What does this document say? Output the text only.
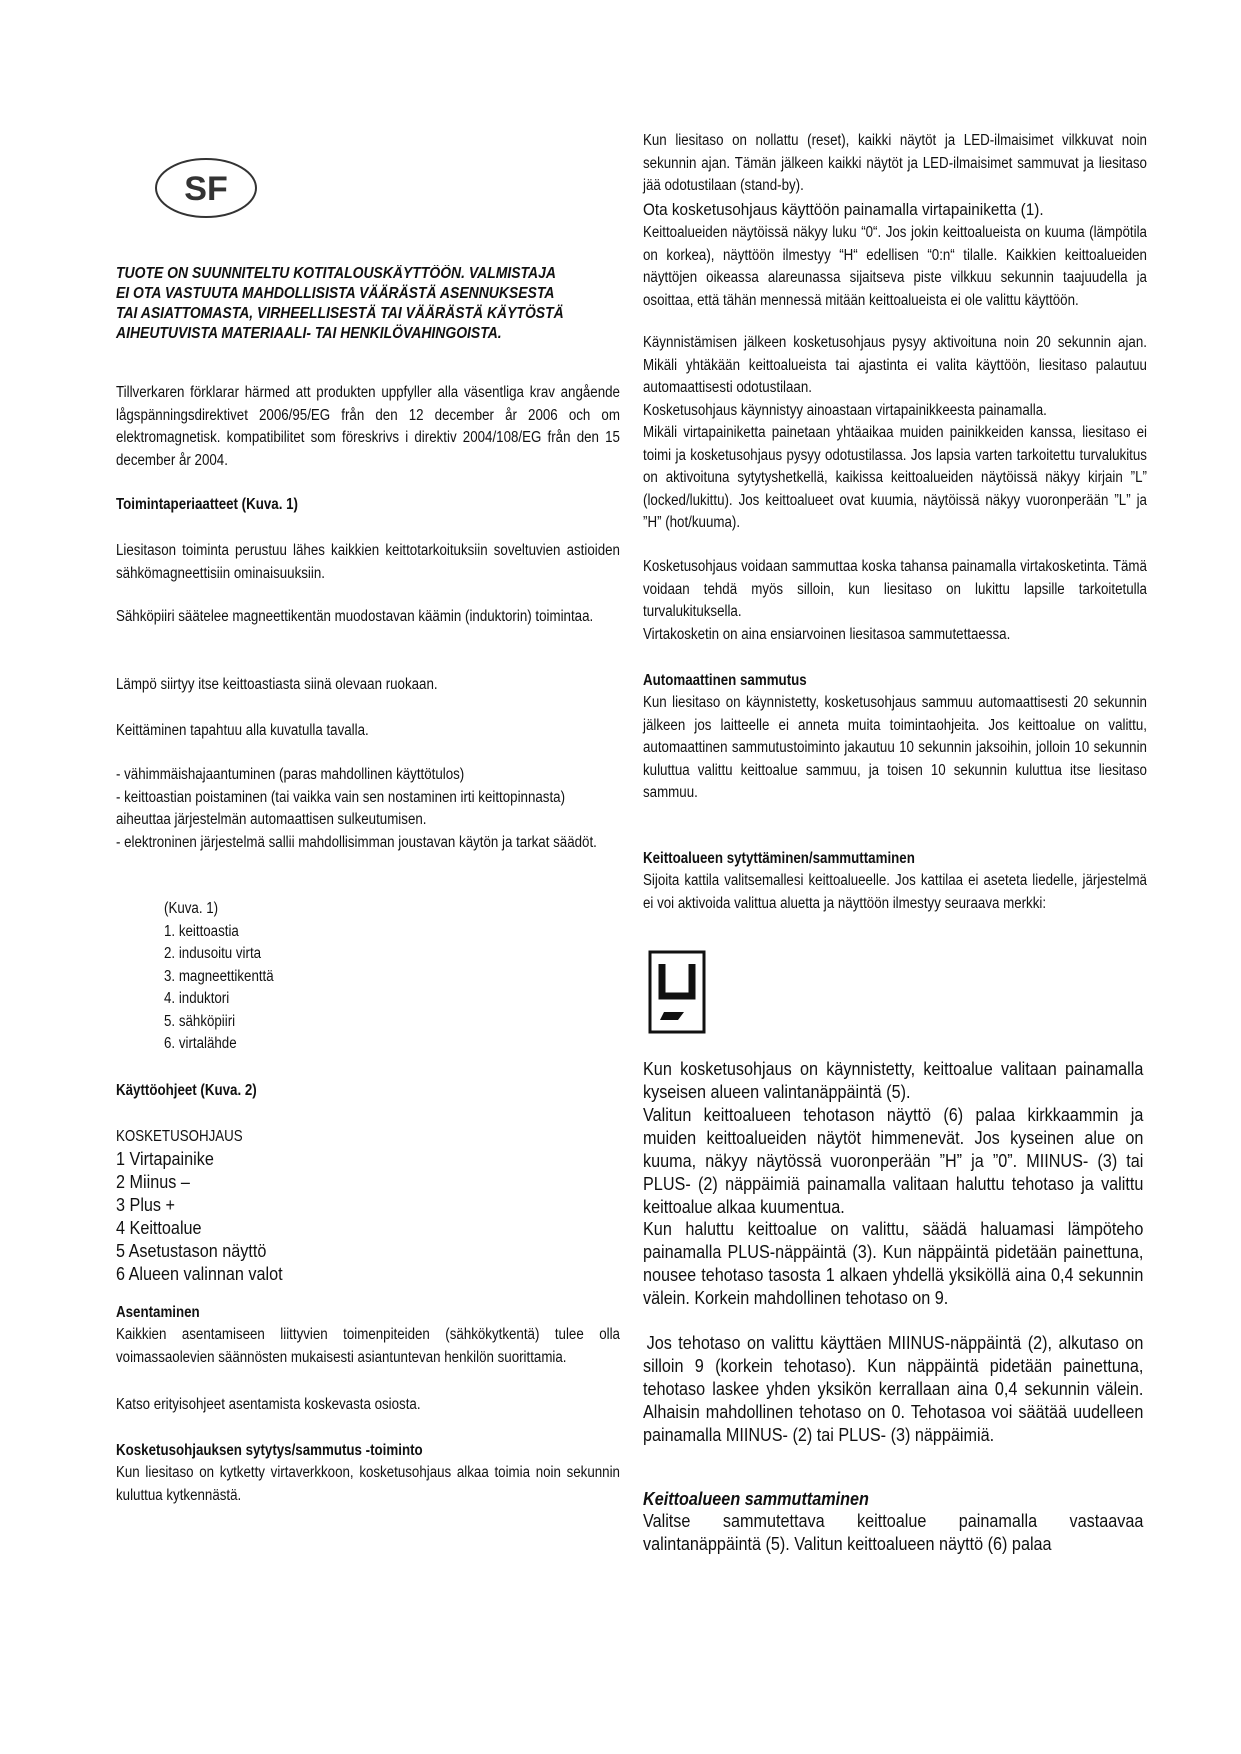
SF
TUOTE ON SUUNNITELTU KOTITALOUSKÄYTTÖÖN. VALMISTAJA
EI OTA VASTUUTA MAHDOLLISISTA VÄÄRÄSTÄ ASENNUKSESTA
TAI ASIATTOMASTA, VIRHEELLISESTÄ TAI VÄÄRÄSTÄ KÄYTÖSTÄ
AIHEUTUVISTA MATERIAALI- TAI HENKILÖVAHINGOISTA.

Tillverkaren förklarar härmed att produkten uppfyller alla väsentliga krav angående lågspänningsdirektivet 2006/95/EG från den 12 december år 2006 och om elektromagnetisk. kompatibilitet som föreskrivs i direktiv 2004/108/EG från den 15 december år 2004.

Toimintaperiaatteet (Kuva. 1)

Liesitason toiminta perustuu lähes kaikkien keittotarkoituksiin soveltuvien astioiden sähkömagneettisiin ominaisuuksiin.

Sähköpiiri säätelee magneettikentän muodostavan käämin (induktorin) toimintaa.

Lämpö siirtyy itse keittoastiasta siinä olevaan ruokaan.

Keittäminen tapahtuu alla kuvatulla tavalla.

- vähimmäishajaantuminen (paras mahdollinen käyttötulos)
- keittoastian poistaminen (tai vaikka vain sen nostaminen irti keittopinnasta) aiheuttaa järjestelmän automaattisen sulkeutumisen.
- elektroninen järjestelmä sallii mahdollisimman joustavan käytön ja tarkat säädöt.
(Kuva. 1)
1. keittoastia
2. indusoitu virta
3. magneettikenttä
4. induktori
5. sähköpiiri
6. virtalähde

Käyttöohjeet (Kuva. 2)

KOSKETUSOHJAUS

1 Virtapainike
2 Miinus –
3 Plus +
4 Keittoalue
5 Asetustason näyttö
6 Alueen valinnan valot

Asentaminen

Kaikkien asentamiseen liittyvien toimenpiteiden (sähkökytkentä) tulee olla voimassaolevien säännösten mukaisesti asiantuntevan henkilön suorittamia.

Katso erityisohjeet asentamista koskevasta osiosta.

Kosketusohjauksen sytytys/sammutus -toiminto

Kun liesitaso on kytketty virtaverkkoon, kosketusohjaus alkaa toimia noin sekunnin kuluttua kytkennästä.

Kun liesitaso on nollattu (reset), kaikki näytöt ja LED-ilmaisimet vilkkuvat noin sekunnin ajan. Tämän jälkeen kaikki näytöt ja LED-ilmaisimet sammuvat ja liesitaso jää odotustilaan (stand-by).

Ota kosketusohjaus käyttöön painamalla virtapainiketta (1).

Keittoalueiden näytöissä näkyy luku “0“. Jos jokin keittoalueista on kuuma (lämpötila on korkea), näyttöön ilmestyy “H“ edellisen “0:n“ tilalle. Kaikkien keittoalueiden näyttöjen oikeassa alareunassa sijaitseva piste vilkkuu sekunnin taajuudella ja osoittaa, että tähän mennessä mitään keittoalueista ei ole valittu käyttöön.

Käynnistämisen jälkeen kosketusohjaus pysyy aktivoituna noin 20 sekunnin ajan. Mikäli yhtäkään keittoalueista tai ajastinta ei valita käyttöön, liesitaso palautuu automaattisesti odotustilaan.

Kosketusohjaus käynnistyy ainoastaan virtapainikkeesta painamalla.

Mikäli virtapainiketta painetaan yhtäaikaa muiden painikkeiden kanssa, liesitaso ei toimi ja kosketusohjaus pysyy odotustilassa. Jos lapsia varten tarkoitettu turvalukitus on aktivoituna sytytyshetkellä, kaikissa keittoalueiden näytöissä näkyy kirjain ”L” (locked/lukittu). Jos keittoalueet ovat kuumia, näytöissä näkyy vuoronperään ”L” ja ”H” (hot/kuuma).

Kosketusohjaus voidaan sammuttaa koska tahansa painamalla virtakosketinta. Tämä voidaan tehdä myös silloin, kun liesitaso on lukittu lapsille tarkoitetulla turvalukituksella.

Virtakosketin on aina ensiarvoinen liesitasoa sammutettaessa.

Automaattinen sammutus

Kun liesitaso on käynnistetty, kosketusohjaus sammuu automaattisesti 20 sekunnin jälkeen jos laitteelle ei anneta muita toimintaohjeita. Jos keittoalue on valittu, automaattinen sammutustoiminto jakautuu 10 sekunnin jaksoihin, jolloin 10 sekunnin kuluttua valittu keittoalue sammuu, ja toisen 10 sekunnin kuluttua itse liesitaso sammuu.

Keittoalueen sytyttäminen/sammuttaminen

Sijoita kattila valitsemallesi keittoalueelle. Jos kattilaa ei aseteta liedelle, järjestelmä ei voi aktivoida valittua aluetta ja näyttöön ilmestyy seuraava merkki:

Kun kosketusohjaus on käynnistetty, keittoalue valitaan painamalla kyseisen alueen valintanäppäintä (5).

Valitun keittoalueen tehotason näyttö (6) palaa kirkkaammin ja muiden keittoalueiden näytöt himmenevät. Jos kyseinen alue on kuuma, näkyy näytössä vuoronperään ”H” ja ”0”. MIINUS- (3) tai PLUS- (2) näppäimiä painamalla valitaan haluttu tehotaso ja valittu keittoalue alkaa kuumentua.

Kun haluttu keittoalue on valittu, säädä haluamasi lämpöteho painamalla PLUS-näppäintä (3). Kun näppäintä pidetään painettuna, nousee tehotaso tasosta 1 alkaen yhdellä yksiköllä aina 0,4 sekunnin välein. Korkein mahdollinen tehotaso on 9.

Jos tehotaso on valittu käyttäen MIINUS-näppäintä (2), alkutaso on silloin 9 (korkein tehotaso). Kun näppäintä pidetään painettuna, tehotaso laskee yhden yksikön kerrallaan aina 0,4 sekunnin välein. Alhaisin mahdollinen tehotaso on 0. Tehotasoa voi säätää uudelleen painamalla MIINUS- (2) tai PLUS- (3) näppäimiä.

Keittoalueen sammuttaminen

Valitse sammutettava keittoalue painamalla vastaavaa valintanäppäintä (5). Valitun keittoalueen näyttö (6) palaa
